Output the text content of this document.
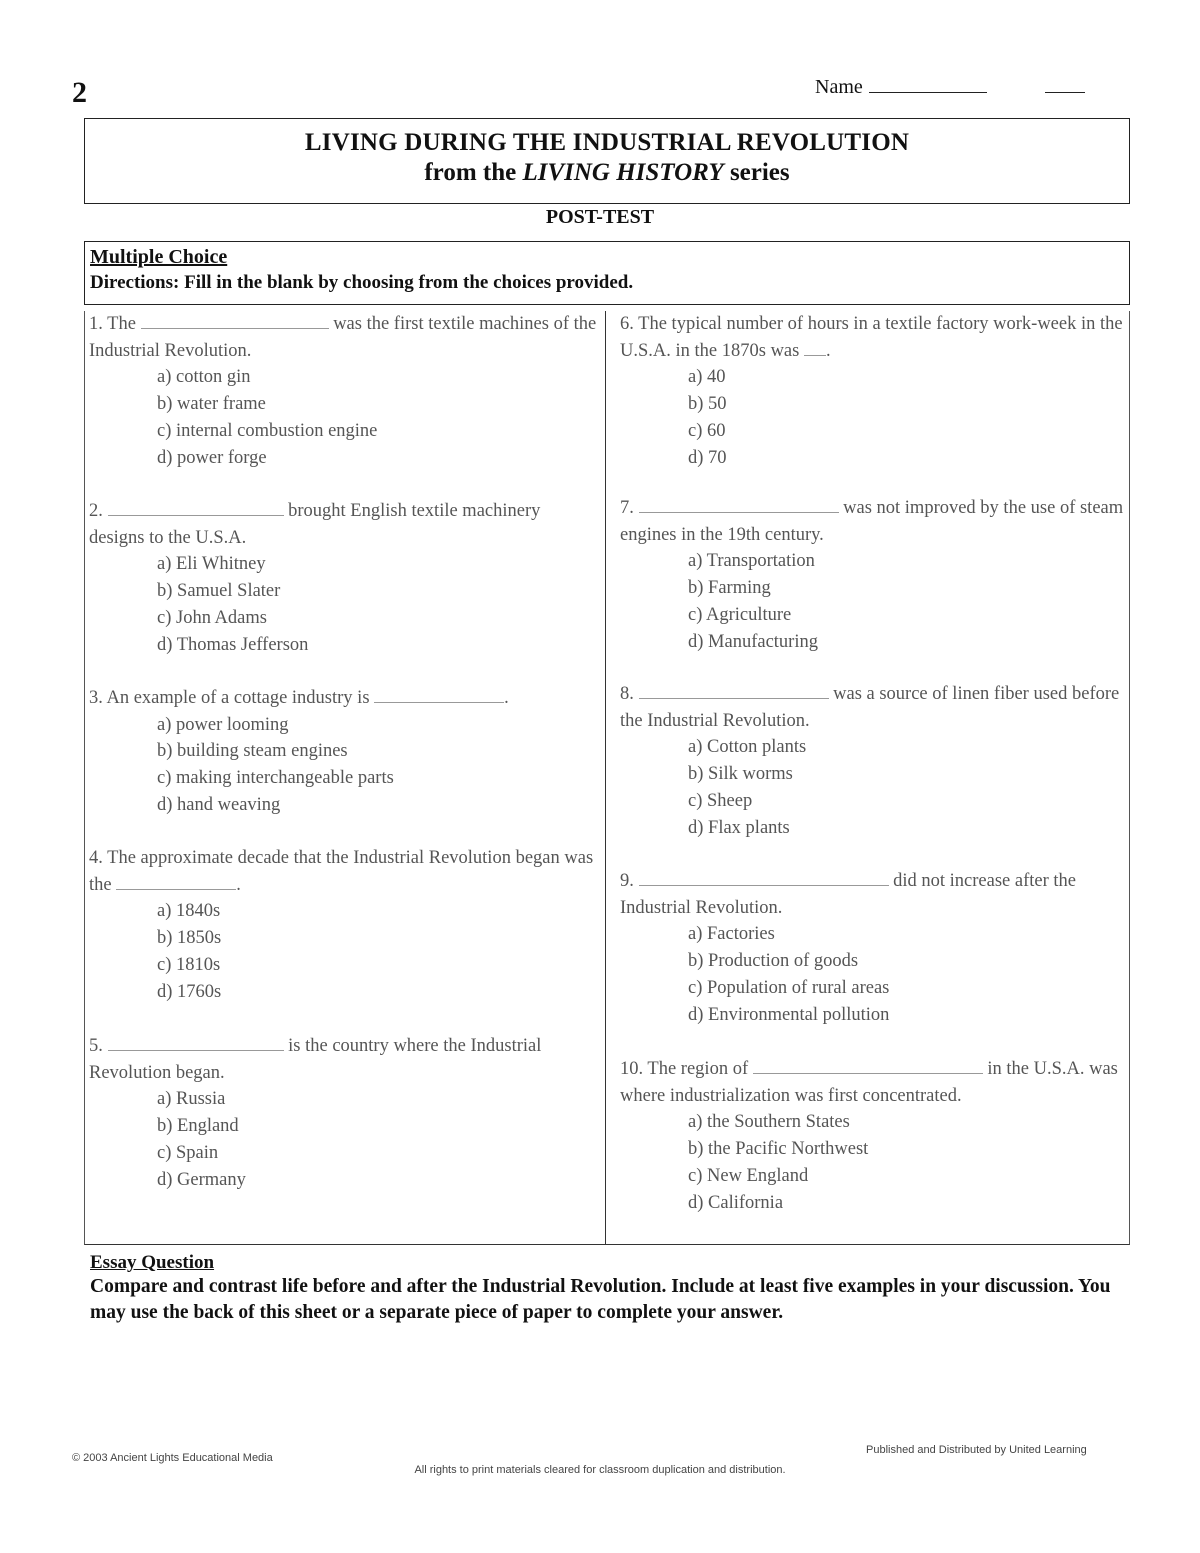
2	Name
LIVING DURING THE INDUSTRIAL REVOLUTION
from the LIVING HISTORY series
POST-TEST
Multiple Choice
Directions: Fill in the blank by choosing from the choices provided.
1. The	was the first textile machines of the Industrial Revolution.
a) cotton gin
b) water frame
c) internal combustion engine
d) power forge
2.	brought English textile machinery designs to the U.S.A.
a) Eli Whitney
b) Samuel Slater
c) John Adams
d) Thomas Jefferson
3. An example of a cottage industry is	.
a) power looming
b) building steam engines
c) making interchangeable parts
d) hand weaving
4. The approximate decade that the Industrial Revolution began was the	.
a) 1840s
b) 1850s
c) 1810s
d) 1760s
5.	is the country where the Industrial Revolution began.
a) Russia
b) England
c) Spain
d) Germany
6. The typical number of hours in a textile factory work-week in the U.S.A. in the 1870s was .
a) 40
b) 50
c) 60
d) 70
7.	was not improved by the use of steam engines in the 19th century.
a) Transportation
b) Farming
c) Agriculture
d) Manufacturing
8.	was a source of linen fiber used before the Industrial Revolution.
a) Cotton plants
b) Silk worms
c) Sheep
d) Flax plants
9.	did not increase after the Industrial Revolution.
a) Factories
b) Production of goods
c) Population of rural areas
d) Environmental pollution
10. The region of	in the U.S.A. was where industrialization was first concentrated.
a) the Southern States
b) the Pacific Northwest
c) New England
d) California
Essay Question
Compare and contrast life before and after the Industrial Revolution. Include at least five examples in your discussion. You may use the back of this sheet or a separate piece of paper to complete your answer.
© 2003 Ancient Lights Educational Media
Published and Distributed by United Learning
All rights to print materials cleared for classroom duplication and distribution.
